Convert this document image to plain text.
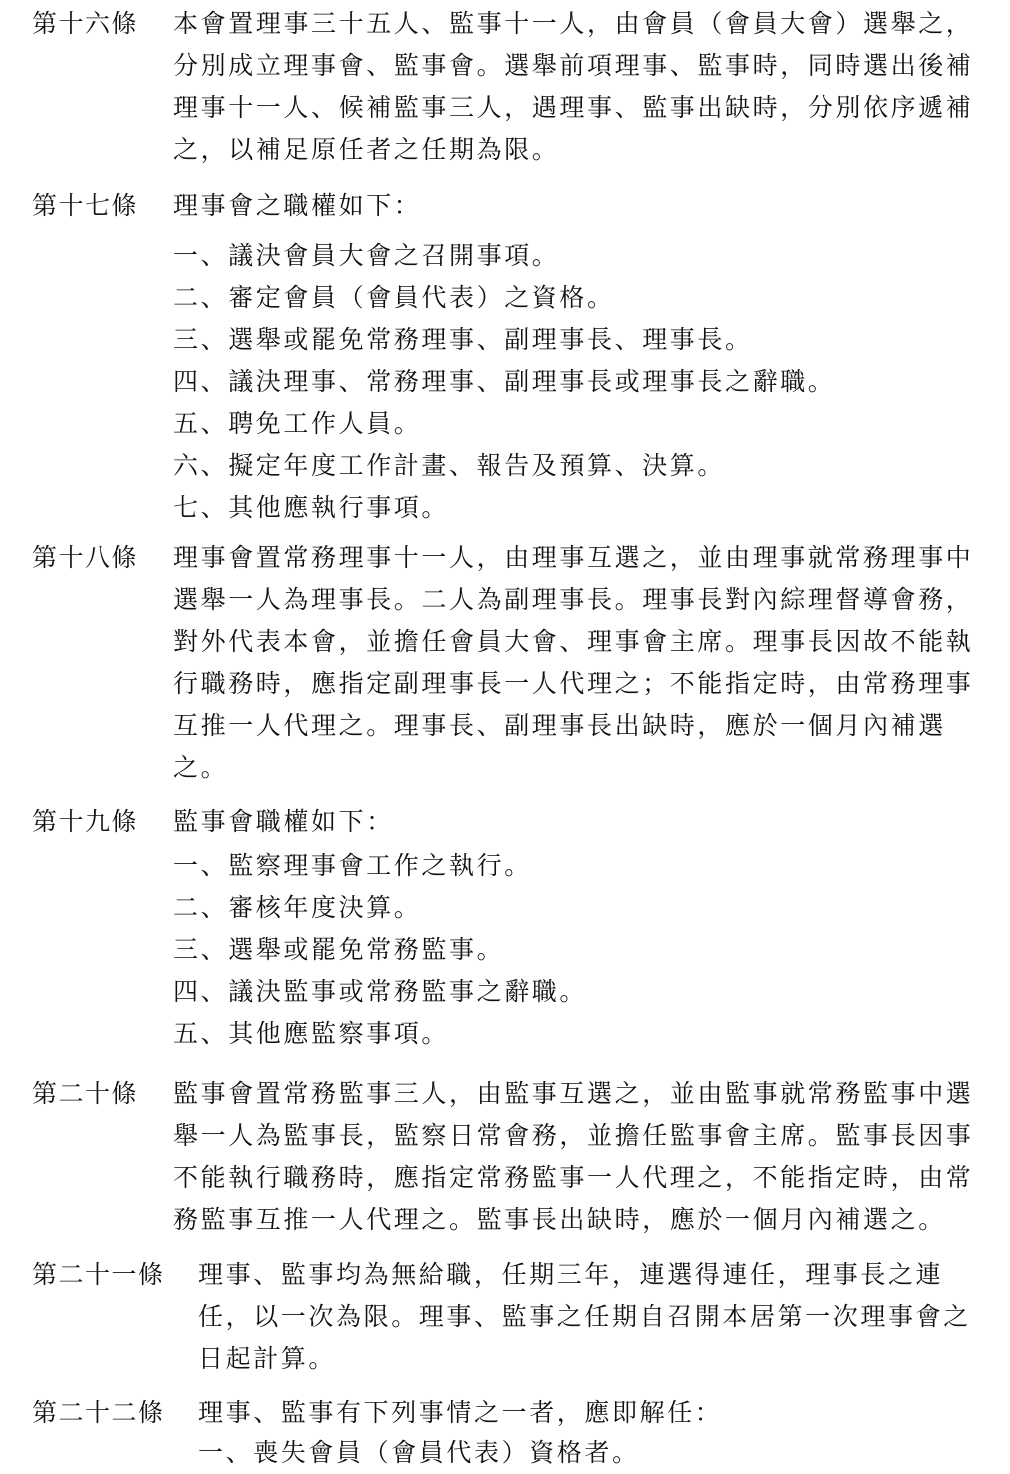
第十六條 本會置理事三十五人、監事十一人，由會員（會員大會）選舉之，
分別成立理事會、監事會。選舉前項理事、監事時，同時選出後補
理事十一人、候補監事三人，遇理事、監事出缺時，分別依序遞補
之，以補足原任者之任期為限。
第十七條 理事會之職權如下：
一、議決會員大會之召開事項。
二、審定會員（會員代表）之資格。
三、選舉或罷免常務理事、副理事長、理事長。
四、議決理事、常務理事、副理事長或理事長之辭職。
五、聘免工作人員。
六、擬定年度工作計畫、報告及預算、決算。
七、其他應執行事項。
第十八條 理事會置常務理事十一人，由理事互選之，並由理事就常務理事中
選舉一人為理事長。二人為副理事長。理事長對內綜理督導會務，
對外代表本會，並擔任會員大會、理事會主席。理事長因故不能執
行職務時，應指定副理事長一人代理之；不能指定時，由常務理事
互推一人代理之。理事長、副理事長出缺時，應於一個月內補選
之。
第十九條 監事會職權如下：
一、監察理事會工作之執行。
二、審核年度決算。
三、選舉或罷免常務監事。
四、議決監事或常務監事之辭職。
五、其他應監察事項。
第二十條 監事會置常務監事三人，由監事互選之，並由監事就常務監事中選
舉一人為監事長，監察日常會務，並擔任監事會主席。監事長因事
不能執行職務時，應指定常務監事一人代理之，不能指定時，由常
務監事互推一人代理之。監事長出缺時，應於一個月內補選之。
第二十一條 理事、監事均為無給職，任期三年，連選得連任，理事長之連
任，以一次為限。理事、監事之任期自召開本居第一次理事會之
日起計算。
第二十二條 理事、監事有下列事情之一者，應即解任：
一、喪失會員（會員代表）資格者。
